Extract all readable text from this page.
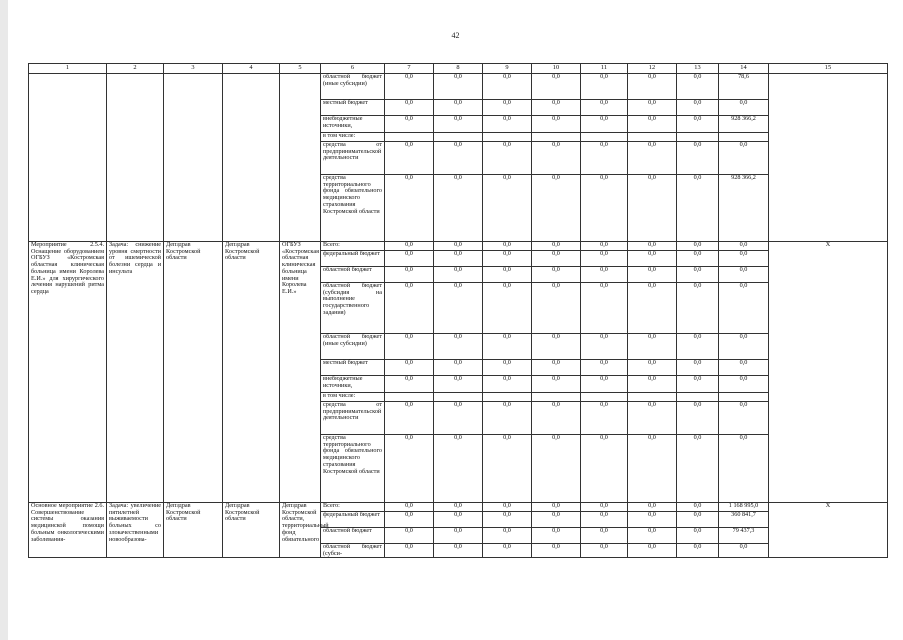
42
1	2	3	4	5	6	7	8	9	10	11	12	13	14	15
					областной бюджет (иные субсидии)	0,0	0,0	0,0	0,0	0,0	0,0	0,0	78,6	
					местный бюджет	0,0	0,0	0,0	0,0	0,0	0,0	0,0	0,0	
					внебюджетные источники,	0,0	0,0	0,0	0,0	0,0	0,0	0,0	928 366,2	
					в том числе:									
					средства от предпринимательской деятельности	0,0	0,0	0,0	0,0	0,0	0,0	0,0	0,0	
					средства территориального фонда обязательного медицинского страхования Костромской области	0,0	0,0	0,0	0,0	0,0	0,0	0,0	928 366,2	
Мероприятие 2.5.4. Оснащение оборудованием ОГБУЗ «Костромская областная клиническая больница имени Королева Е.И.» для хирургического лечения нарушений ритма сердца	Задача: снижение уровня смертности от ишемической болезни сердца и инсульта	Депздрав Костромской области	Депздрав Костромской области	ОГБУЗ «Костромская областная клиническая больница имени Королева Е.И.»	Всего:	0,0	0,0	0,0	0,0	0,0	0,0	0,0	0,0	X
					федеральный бюджет	0,0	0,0	0,0	0,0	0,0	0,0	0,0	0,0	
					областной бюджет	0,0	0,0	0,0	0,0	0,0	0,0	0,0	0,0	
					областной бюджет (субсидия на выполнение государственного задания)	0,0	0,0	0,0	0,0	0,0	0,0	0,0	0,0	
					областной бюджет (иные субсидии)	0,0	0,0	0,0	0,0	0,0	0,0	0,0	0,0	
					местный бюджет	0,0	0,0	0,0	0,0	0,0	0,0	0,0	0,0	
					внебюджетные источники,	0,0	0,0	0,0	0,0	0,0	0,0	0,0	0,0	
					в том числе:									
					средства от предпринимательской деятельности	0,0	0,0	0,0	0,0	0,0	0,0	0,0	0,0	
					средства территориального фонда обязательного медицинского страхования Костромской области	0,0	0,0	0,0	0,0	0,0	0,0	0,0	0,0	
Основное мероприятие 2.6. Совершенствование системы оказания медицинской помощи больным онкологическими заболевания-	Задача: увеличение пятилетней выживаемости больных со злокачественными новообразова-	Депздрав Костромской области	Депздрав Костромской области	Депздрав Костромской области, территориальный фонд обязательного	Всего:	0,0	0,0	0,0	0,0	0,0	0,0	0,0	1 168 995,0	X
					федеральный бюджет	0,0	0,0	0,0	0,0	0,0	0,0	0,0	360 841,7	
					областной бюджет	0,0	0,0	0,0	0,0	0,0	0,0	0,0	79 437,3	
					областной бюджет (субси-	0,0	0,0	0,0	0,0	0,0	0,0	0,0	0,0	
